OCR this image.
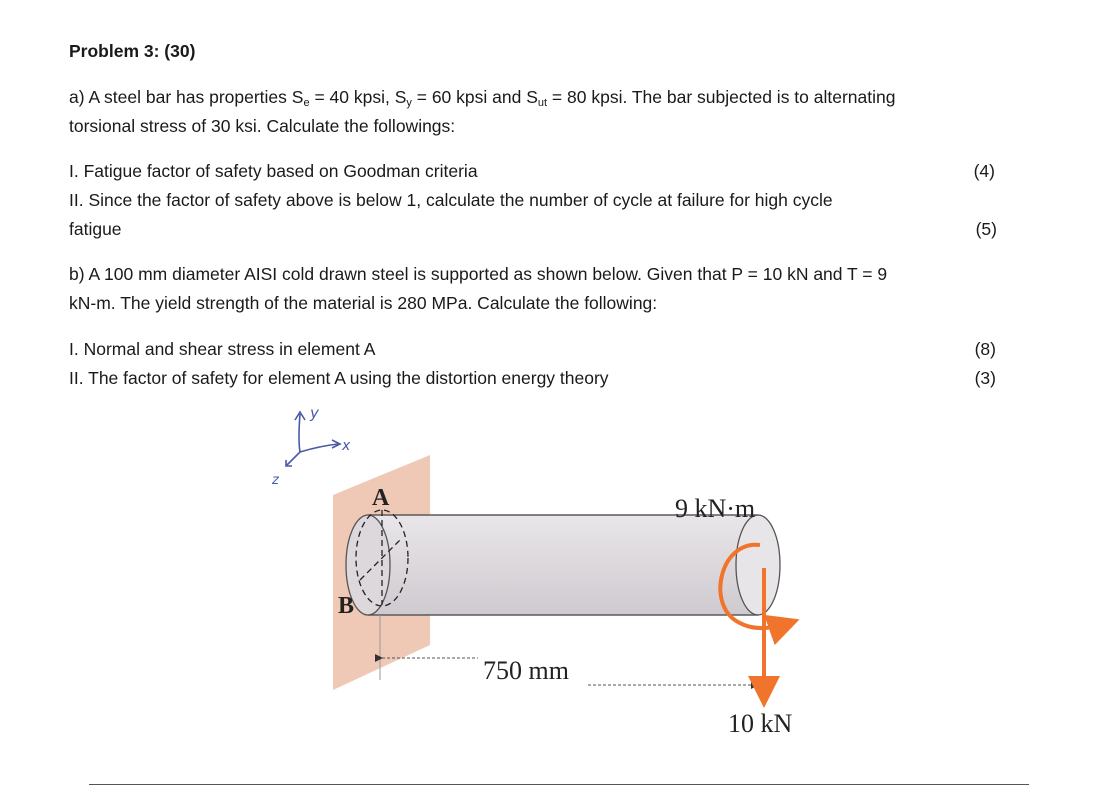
Problem 3: (30)
a) A steel bar has properties $S_e = 40$ kpsi, $S_y = 60$ kpsi and $S_{ut} = 80$ kpsi. The bar subjected is to alternating
torsional stress of 30 ksi. Calculate the followings:
I. Fatigue factor of safety based on Goodman criteria	(4)
II. Since the factor of safety above is below 1, calculate the number of cycle at failure for high cycle
fatigue	(5)
b) A 100 mm diameter AISI cold drawn steel is supported as shown below. Given that P = 10 kN and T = 9
kN-m. The yield strength of the material is 280 MPa. Calculate the following:
I. Normal and shear stress in element A	(8)
II. The factor of safety for element A using the distortion energy theory	(3)
y
x
z
A
B
750 mm
9 kN·m
10 kN
